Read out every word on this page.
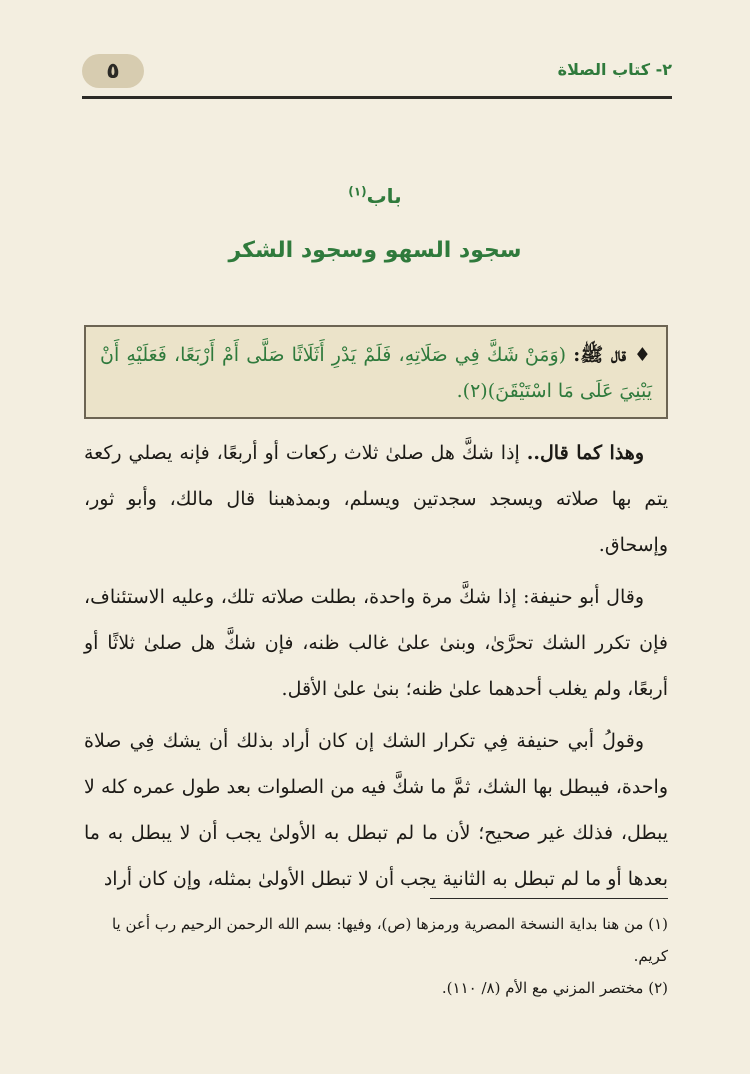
٥	٢- كتاب الصلاة
باب$^{(١)}$
سجود السهو وسجود الشكر
♦ قال ﷺ: (وَمَنْ شَكَّ فِي صَلَاتِهِ، فَلَمْ يَدْرِ أَثَلَاثًا صَلَّى أَمْ أَرْبَعًا، فَعَلَيْهِ أَنْ يَبْنِيَ عَلَى مَا اسْتَيْقَنَ)(٢).

وهذا كما قال.. إذا شكَّ هل صلىٰ ثلاث ركعات أو أربعًا، فإنه يصلي ركعة يتم بها صلاته ويسجد سجدتين ويسلم، وبمذهبنا قال مالك، وأبو ثور، وإسحاق.

وقال أبو حنيفة: إذا شكَّ مرة واحدة، بطلت صلاته تلك، وعليه الاستئناف، فإن تكرر الشك تحرَّىٰ، وبنىٰ علىٰ غالب ظنه، فإن شكَّ هل صلىٰ ثلاثًا أو أربعًا، ولم يغلب أحدهما علىٰ ظنه؛ بنىٰ علىٰ الأقل.

وقولُ أبي حنيفة فِي تكرار الشك إن كان أراد بذلك أن يشك فِي صلاة واحدة، فيبطل بها الشك، ثمَّ ما شكَّ فيه من الصلوات بعد طول عمره كله لا يبطل، فذلك غير صحيح؛ لأن ما لم تبطل به الأولىٰ يجب أن لا يبطل به ما بعدها أو ما لم تبطل به الثانية يجب أن لا تبطل الأولىٰ بمثله، وإن كان أراد

(١) من هنا بداية النسخة المصرية ورمزها (ص)، وفيها: بسم الله الرحمن الرحيم رب أعن يا كريم.
(٢) مختصر المزني مع الأم (٨/ ١١٠).
